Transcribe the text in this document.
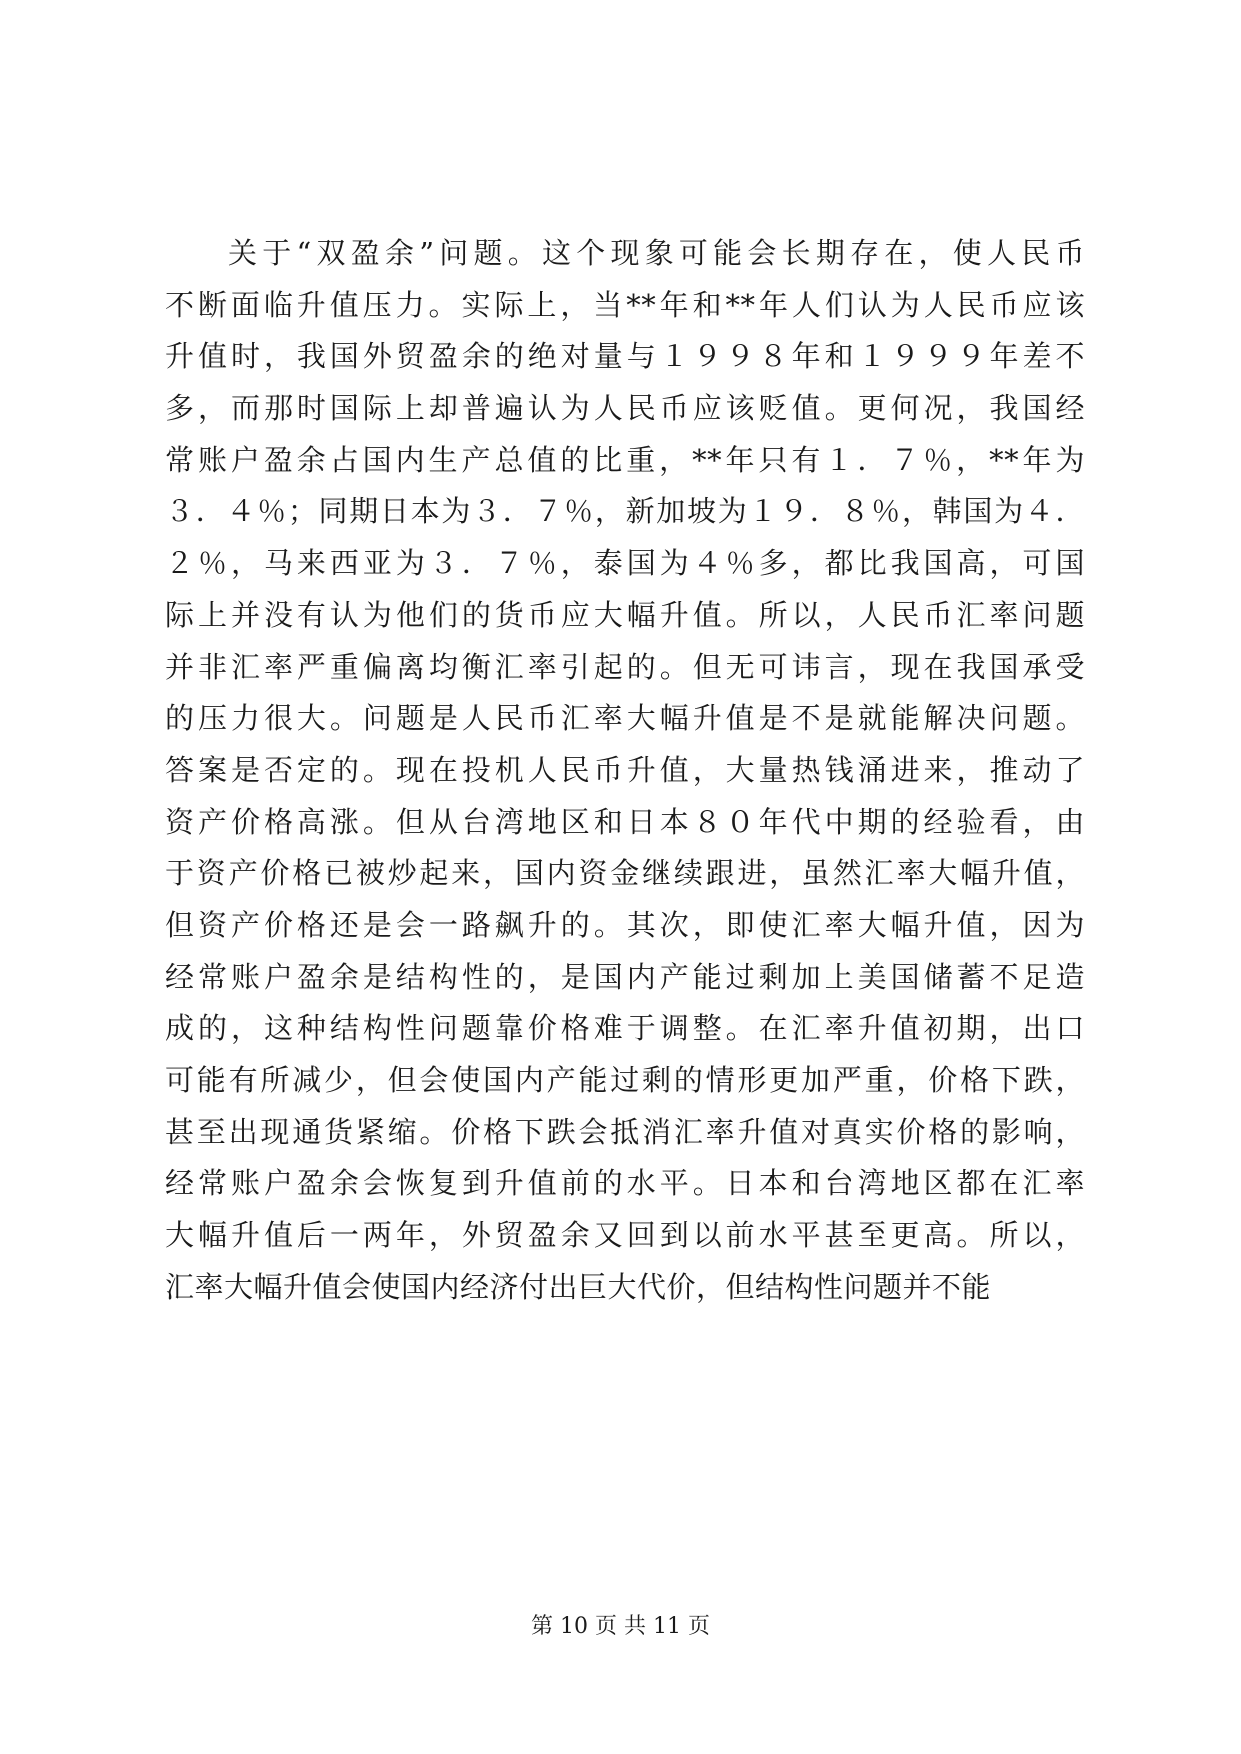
关于“双盈余”问题。这个现象可能会长期存在，使人民币
不断面临升值压力。实际上，当**年和**年人们认为人民币应该
升值时，我国外贸盈余的绝对量与１９９８年和１９９９年差不
多，而那时国际上却普遍认为人民币应该贬值。更何况，我国经
常账户盈余占国内生产总值的比重，**年只有１．７％，**年为
３．４％；同期日本为３．７％，新加坡为１９．８％，韩国为４．
２％，马来西亚为３．７％，泰国为４％多，都比我国高，可国
际上并没有认为他们的货币应大幅升值。所以，人民币汇率问题
并非汇率严重偏离均衡汇率引起的。但无可讳言，现在我国承受
的压力很大。问题是人民币汇率大幅升值是不是就能解决问题。
答案是否定的。现在投机人民币升值，大量热钱涌进来，推动了
资产价格高涨。但从台湾地区和日本８０年代中期的经验看，由
于资产价格已被炒起来，国内资金继续跟进，虽然汇率大幅升值，
但资产价格还是会一路飙升的。其次，即使汇率大幅升值，因为
经常账户盈余是结构性的，是国内产能过剩加上美国储蓄不足造
成的，这种结构性问题靠价格难于调整。在汇率升值初期，出口
可能有所减少，但会使国内产能过剩的情形更加严重，价格下跌，
甚至出现通货紧缩。价格下跌会抵消汇率升值对真实价格的影响，
经常账户盈余会恢复到升值前的水平。日本和台湾地区都在汇率
大幅升值后一两年，外贸盈余又回到以前水平甚至更高。所以，
汇率大幅升值会使国内经济付出巨大代价，但结构性问题并不能
第 10 页 共 11 页
